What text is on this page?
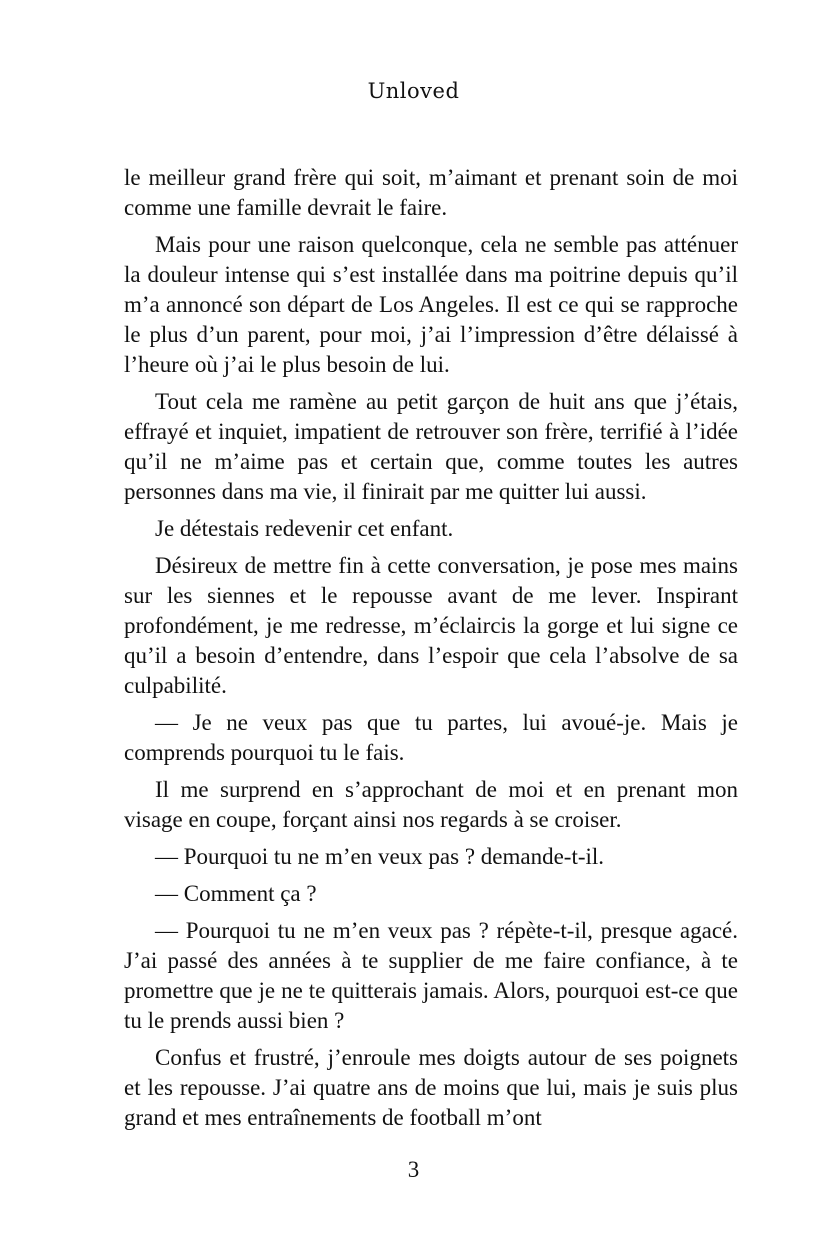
Unloved

le meilleur grand frère qui soit, m’aimant et prenant soin de moi comme une famille devrait le faire.

Mais pour une raison quelconque, cela ne semble pas atténuer la douleur intense qui s’est installée dans ma poitrine depuis qu’il m’a annoncé son départ de Los Angeles. Il est ce qui se rapproche le plus d’un parent, pour moi, j’ai l’impression d’être délaissé à l’heure où j’ai le plus besoin de lui.

Tout cela me ramène au petit garçon de huit ans que j’étais, effrayé et inquiet, impatient de retrouver son frère, terrifié à l’idée qu’il ne m’aime pas et certain que, comme toutes les autres personnes dans ma vie, il finirait par me quitter lui aussi.

Je détestais redevenir cet enfant.

Désireux de mettre fin à cette conversation, je pose mes mains sur les siennes et le repousse avant de me lever. Inspirant profondément, je me redresse, m’éclaircis la gorge et lui signe ce qu’il a besoin d’entendre, dans l’espoir que cela l’absolve de sa culpabilité.

— Je ne veux pas que tu partes, lui avoué-je. Mais je comprends pourquoi tu le fais.

Il me surprend en s’approchant de moi et en prenant mon visage en coupe, forçant ainsi nos regards à se croiser.

— Pourquoi tu ne m’en veux pas ? demande-t-il.

— Comment ça ?

— Pourquoi tu ne m’en veux pas ? répète-t-il, presque agacé. J’ai passé des années à te supplier de me faire confiance, à te promettre que je ne te quitterais jamais. Alors, pourquoi est-ce que tu le prends aussi bien ?

Confus et frustré, j’enroule mes doigts autour de ses poignets et les repousse. J’ai quatre ans de moins que lui, mais je suis plus grand et mes entraînements de football m’ont

3
